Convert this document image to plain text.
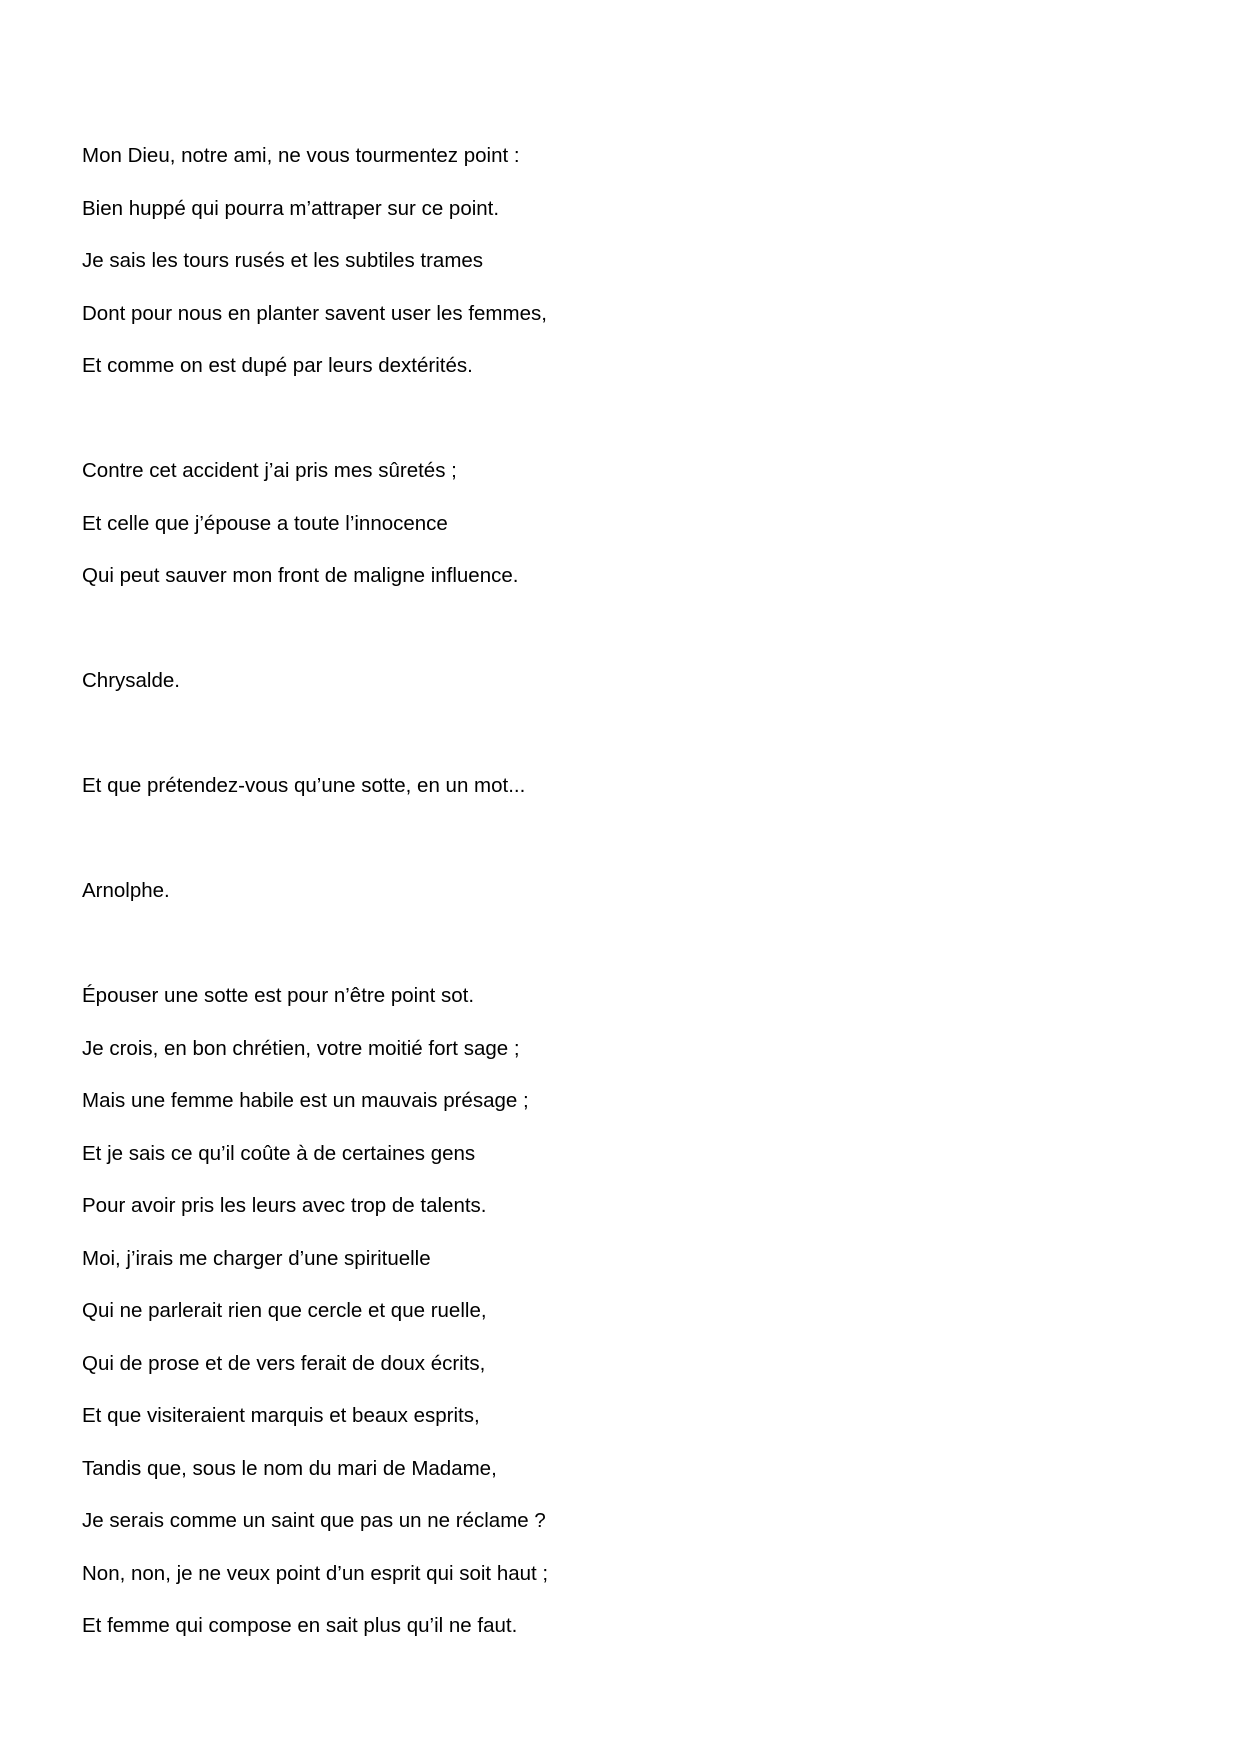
Mon Dieu, notre ami, ne vous tourmentez point :

Bien huppé qui pourra m’attraper sur ce point.

Je sais les tours rusés et les subtiles trames

Dont pour nous en planter savent user les femmes,

Et comme on est dupé par leurs dextérités.

Contre cet accident j’ai pris mes sûretés ;

Et celle que j’épouse a toute l’innocence

Qui peut sauver mon front de maligne influence.

Chrysalde.

Et que prétendez-vous qu’une sotte, en un mot...

Arnolphe.

Épouser une sotte est pour n’être point sot.

Je crois, en bon chrétien, votre moitié fort sage ;

Mais une femme habile est un mauvais présage ;

Et je sais ce qu’il coûte à de certaines gens

Pour avoir pris les leurs avec trop de talents.

Moi, j’irais me charger d’une spirituelle

Qui ne parlerait rien que cercle et que ruelle,

Qui de prose et de vers ferait de doux écrits,

Et que visiteraient marquis et beaux esprits,

Tandis que, sous le nom du mari de Madame,

Je serais comme un saint que pas un ne réclame ?

Non, non, je ne veux point d’un esprit qui soit haut ;

Et femme qui compose en sait plus qu’il ne faut.
